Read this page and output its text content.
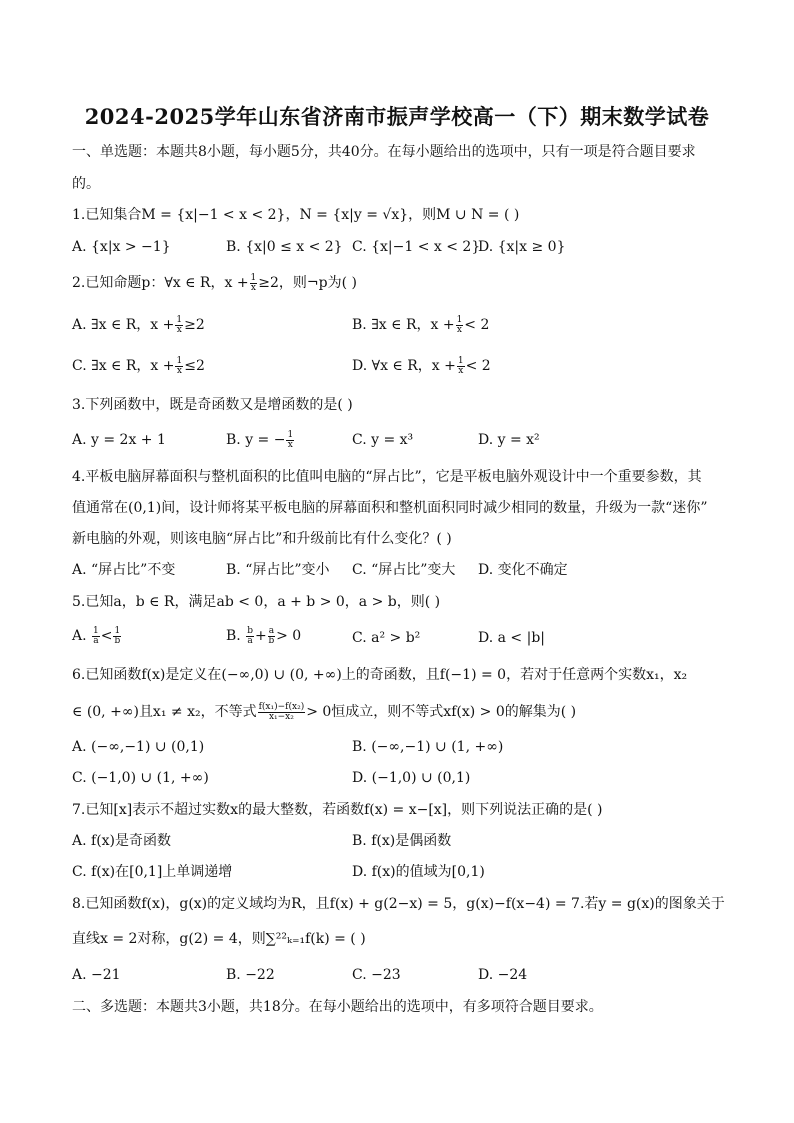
2024-2025学年山东省济南市振声学校高一（下）期末数学试卷
一、单选题：本题共8小题，每小题5分，共40分。在每小题给出的选项中，只有一项是符合题目要求
的。
1.已知集合M = {x|−1 < x < 2}，N = {x|y = √x}，则M ∪ N = ( )
A. {x|x > −1}	B. {x|0 ≤ x < 2} C. {x|−1 < x < 2}
D. {x|x ≥ 0}
2.已知命题p：∀x ∈ R，$x + \frac{1}{x} \ge 2$，则¬p为( )
A. ∃x ∈ R，$x + \frac{1}{x} \ge 2$	B. ∃x ∈ R，$x + \frac{1}{x} < 2$
C. ∃x ∈ R，$x + \frac{1}{x} \le 2$	D. ∀x ∈ R，$x + \frac{1}{x} < 2$
3.下列函数中，既是奇函数又是增函数的是( )
A. y = 2x + 1	B. y = − $\frac{1}{x}$	C. y = x³	D. y = x²
4.平板电脑屏幕面积与整机面积的比值叫电脑的“屏占比”，它是平板电脑外观设计中一个重要参数，其
值通常在(0,1)间，设计师将某平板电脑的屏幕面积和整机面积同时减少相同的数量，升级为一款“迷你”
新电脑的外观，则该电脑“屏占比”和升级前比有什么变化？( )
A. “屏占比”不变	B. “屏占比”变小 C. “屏占比”变大 D. 变化不确定
5.已知a，b ∈ R，满足ab < 0，a + b > 0，a > b，则( )
A. $\frac{1}{a} < \frac{1}{b}$	B. $\frac{b}{a} + \frac{a}{b} > 0$	C. a² > b²	D. a < |b|
6.已知函数f(x)是定义在(−∞,0) ∪ (0, +∞)上的奇函数，且f(−1) = 0，若对于任意两个实数x₁，x₂
∈ (0, +∞)且x₁ ≠ x₂，不等式 $\frac{\text{f(x₁)−f(x₂)}}{\text{x₁−x₂}} > 0$恒成立，则不等式xf(x) > 0的解集为( )
A. (−∞,−1) ∪ (0,1)	B. (−∞,−1) ∪ (1, +∞)
C. (−1,0) ∪ (1, +∞)	D. (−1,0) ∪ (0,1)
7.已知[x]表示不超过实数x的最大整数，若函数f(x) = x−[x]，则下列说法正确的是( )
A. f(x)是奇函数	B. f(x)是偶函数
C. f(x)在[0,1]上单调递增	D. f(x)的值域为[0,1)
8.已知函数f(x)，g(x)的定义域均为R，且f(x) + g(2−x) = 5，g(x)−f(x−4) = 7.若y = g(x)的图象关于
直线x = 2对称，g(2) = 4，则∑²²ₖ₌₁f(k) = ( )
A. −21	B. −22	C. −23	D. −24
二、多选题：本题共3小题，共18分。在每小题给出的选项中，有多项符合题目要求。
